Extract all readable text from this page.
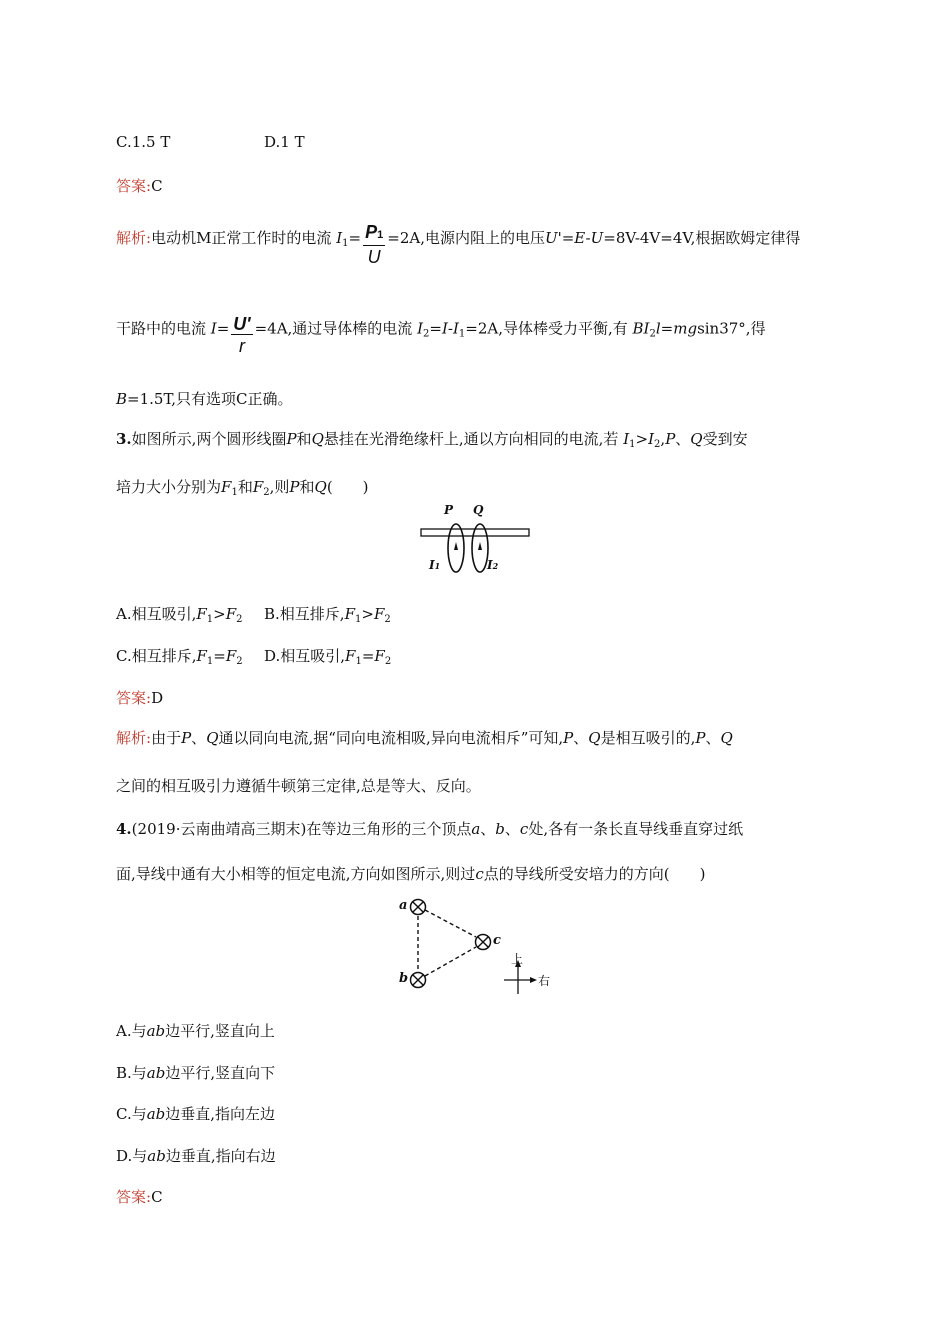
C.1.5 T	D.1 T
答案:C
解析:电动机M正常工作时的电流 $I_1= \frac{P1}{U} =2A$,电源内阻上的电压U'=E-U=8V-4V=4V,根据欧姆定律得
干路中的电流 $I= \frac{U'}{r} =4A$,通过导体棒的电流 $I_2=I-I_1=2A$,导体棒受力平衡,有 $BI_2l=mgsin37^\circ$,得
B=1.5T,只有选项C正确。
3.如图所示,两个圆形线圈P和Q悬挂在光滑绝缘杆上,通以方向相同的电流,若 $I_1>I_2,P$、Q受到安
培力大小分别为$F_1$和$F_2$,则P和Q(　　)
P Q
I1	I2
A.相互吸引$,F_1>F_2$ B.相互排斥$,F_1>F_2$
C.相互排斥$,F_1=F_2$ D.相互吸引$,F_1=F_2$
答案:D
解析:由于P、Q通以同向电流,据“同向电流相吸,异向电流相斥”可知,P、Q是相互吸引的,P、Q
之间的相互吸引力遵循牛顿第三定律,总是等大、反向。
4.(2019·云南曲靖高三期末)在等边三角形的三个顶点a、b、c处,各有一条长直导线垂直穿过纸
面,导线中通有大小相等的恒定电流,方向如图所示,则过c点的导线所受安培力的方向(　　)
a
b
c
上
右
A.与ab边平行,竖直向上
B.与ab边平行,竖直向下
C.与ab边垂直,指向左边
D.与ab边垂直,指向右边
答案:C
